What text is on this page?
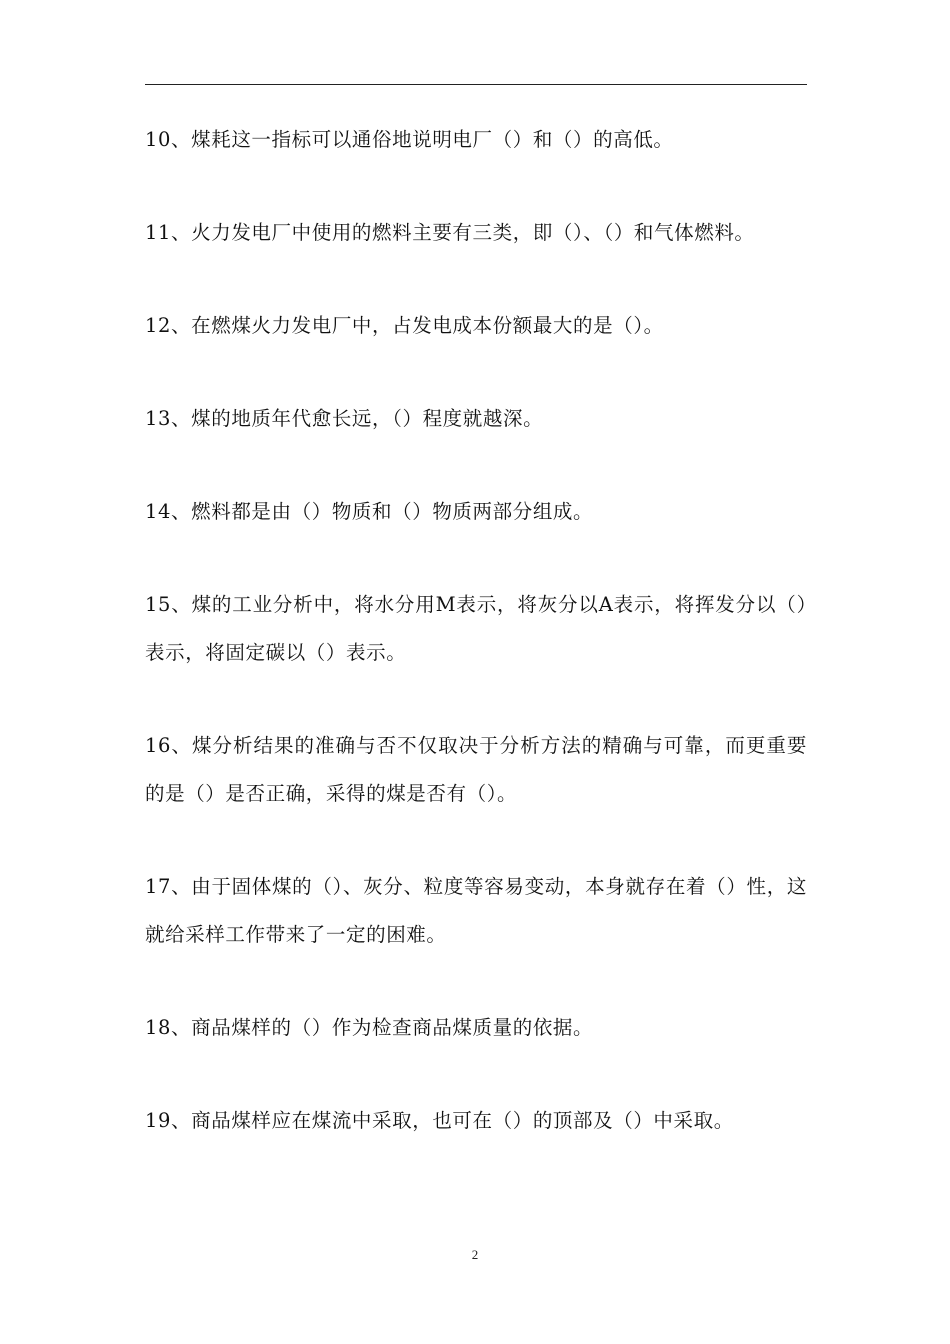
10、煤耗这一指标可以通俗地说明电厂（）和（）的高低。

11、火力发电厂中使用的燃料主要有三类，即（）、（）和气体燃料。

12、在燃煤火力发电厂中，占发电成本份额最大的是（）。

13、煤的地质年代愈长远，（）程度就越深。

14、燃料都是由（）物质和（）物质两部分组成。

15、煤的工业分析中，将水分用M表示，将灰分以A表示，将挥发分以（）表示，将固定碳以（）表示。

16、煤分析结果的准确与否不仅取决于分析方法的精确与可靠，而更重要的是（）是否正确，采得的煤是否有（）。

17、由于固体煤的（）、灰分、粒度等容易变动，本身就存在着（）性，这就给采样工作带来了一定的困难。

18、商品煤样的（）作为检查商品煤质量的依据。

19、商品煤样应在煤流中采取，也可在（）的顶部及（）中采取。

2
